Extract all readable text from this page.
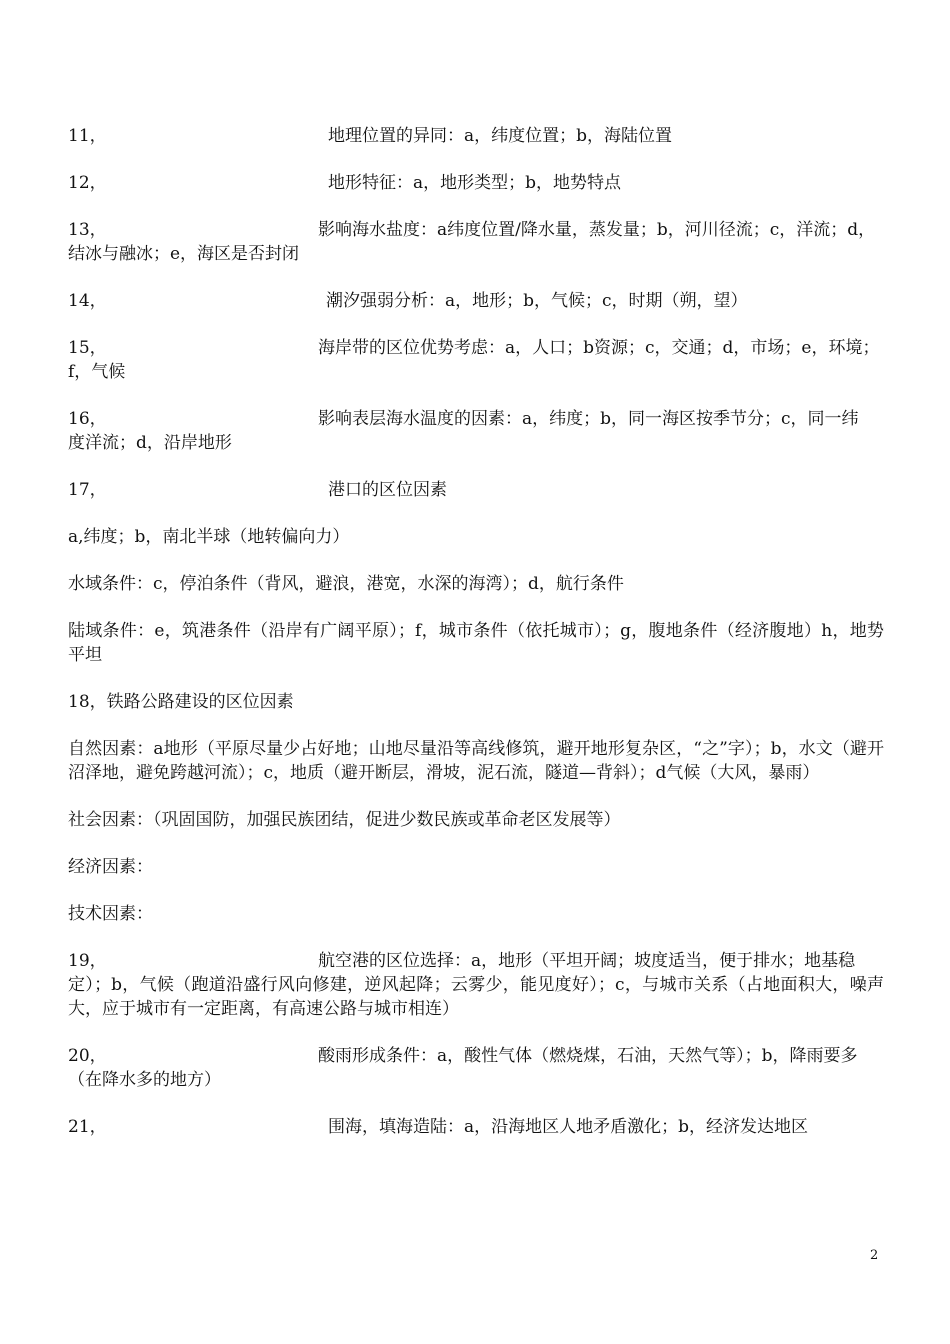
11，	地理位置的异同：a，纬度位置；b，海陆位置
12，	地形特征：a，地形类型；b，地势特点
13，	影响海水盐度：a纬度位置/降水量，蒸发量；b，河川径流；c，洋流；d，
结冰与融冰；e，海区是否封闭
14，	潮汐强弱分析：a，地形；b，气候；c，时期（朔，望）
15，	海岸带的区位优势考虑：a，人口；b资源；c，交通；d，市场；e，环境；
f，气候
16，	影响表层海水温度的因素：a，纬度；b，同一海区按季节分；c，同一纬
度洋流；d，沿岸地形
17，	港口的区位因素
a,纬度；b，南北半球（地转偏向力）
水域条件：c，停泊条件（背风，避浪，港宽，水深的海湾）；d，航行条件
陆域条件：e，筑港条件（沿岸有广阔平原）；f，城市条件（依托城市）；g，腹地条件（经济腹地）h，地势平坦
18，铁路公路建设的区位因素
自然因素：a地形（平原尽量少占好地；山地尽量沿等高线修筑，避开地形复杂区，“之”字）；b，水文（避开沼泽地，避免跨越河流）；c，地质（避开断层，滑坡，泥石流，隧道—背斜）；d气候（大风，暴雨）
社会因素：（巩固国防，加强民族团结，促进少数民族或革命老区发展等）
经济因素：
技术因素：
19，	航空港的区位选择：a，地形（平坦开阔；坡度适当，便于排水；地基稳
定）；b，气候（跑道沿盛行风向修建，逆风起降；云雾少，能见度好）；c，与城市关系（占地面积大，噪声大，应于城市有一定距离，有高速公路与城市相连）
20，	酸雨形成条件：a，酸性气体（燃烧煤，石油，天然气等）；b，降雨要多
（在降水多的地方）
21，	围海，填海造陆：a，沿海地区人地矛盾激化；b，经济发达地区
2
